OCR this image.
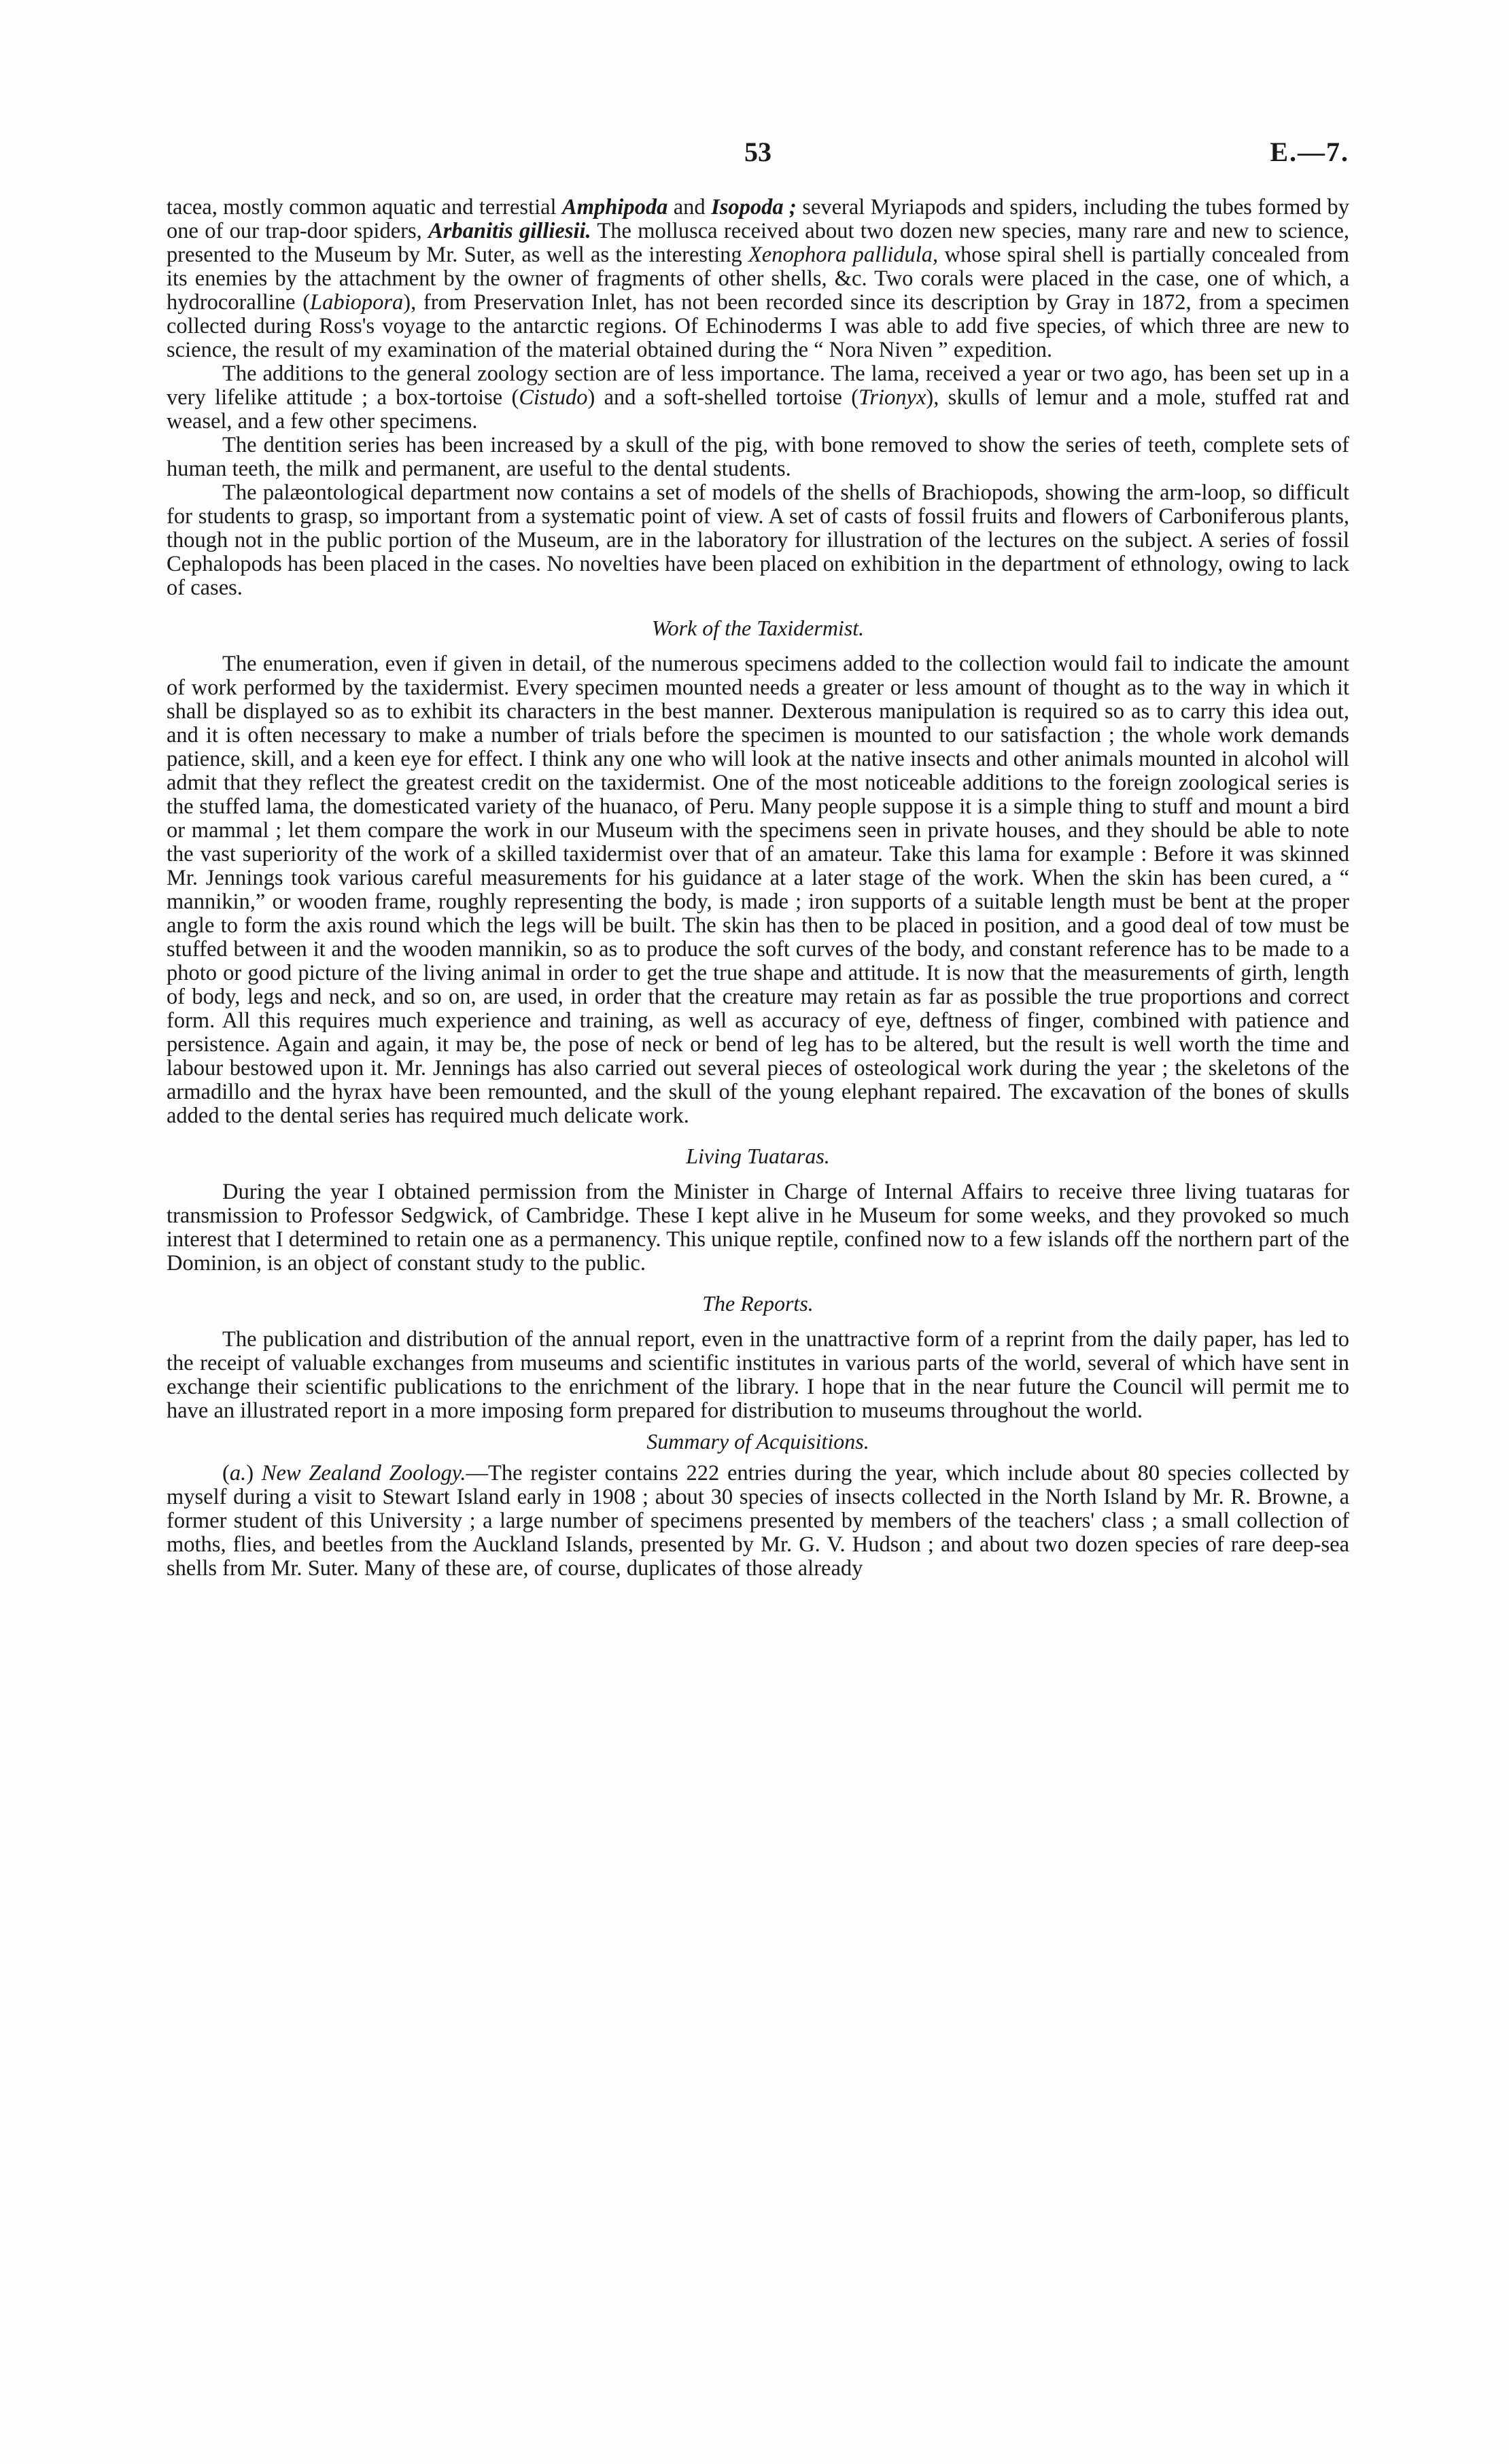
53	E.—7.

tacea, mostly common aquatic and terrestial Amphipoda and Isopoda ; several Myriapods and spiders, including the tubes formed by one of our trap-door spiders, Arbanitis gilliesii. The mollusca received about two dozen new species, many rare and new to science, presented to the Museum by Mr. Suter, as well as the interesting Xenophora pallidula, whose spiral shell is partially concealed from its enemies by the attachment by the owner of fragments of other shells, &c. Two corals were placed in the case, one of which, a hydrocoralline (Labiopora), from Preservation Inlet, has not been recorded since its description by Gray in 1872, from a specimen collected during Ross's voyage to the antarctic regions. Of Echinoderms I was able to add five species, of which three are new to science, the result of my examination of the material obtained during the “ Nora Niven ” expedition.

The additions to the general zoology section are of less importance. The lama, received a year or two ago, has been set up in a very lifelike attitude ; a box-tortoise (Cistudo) and a soft-shelled tortoise (Trionyx), skulls of lemur and a mole, stuffed rat and weasel, and a few other specimens.

The dentition series has been increased by a skull of the pig, with bone removed to show the series of teeth, complete sets of human teeth, the milk and permanent, are useful to the dental students.

The palæontological department now contains a set of models of the shells of Brachiopods, showing the arm-loop, so difficult for students to grasp, so important from a systematic point of view. A set of casts of fossil fruits and flowers of Carboniferous plants, though not in the public portion of the Museum, are in the laboratory for illustration of the lectures on the subject. A series of fossil Cephalopods has been placed in the cases. No novelties have been placed on exhibition in the department of ethnology, owing to lack of cases.

Work of the Taxidermist.

The enumeration, even if given in detail, of the numerous specimens added to the collection would fail to indicate the amount of work performed by the taxidermist. Every specimen mounted needs a greater or less amount of thought as to the way in which it shall be displayed so as to exhibit its characters in the best manner. Dexterous manipulation is required so as to carry this idea out, and it is often necessary to make a number of trials before the specimen is mounted to our satisfaction ; the whole work demands patience, skill, and a keen eye for effect. I think any one who will look at the native insects and other animals mounted in alcohol will admit that they reflect the greatest credit on the taxidermist. One of the most noticeable additions to the foreign zoological series is the stuffed lama, the domesticated variety of the huanaco, of Peru. Many people suppose it is a simple thing to stuff and mount a bird or mammal ; let them compare the work in our Museum with the specimens seen in private houses, and they should be able to note the vast superiority of the work of a skilled taxidermist over that of an amateur. Take this lama for example : Before it was skinned Mr. Jennings took various careful measurements for his guidance at a later stage of the work. When the skin has been cured, a “ mannikin,” or wooden frame, roughly representing the body, is made ; iron supports of a suitable length must be bent at the proper angle to form the axis round which the legs will be built. The skin has then to be placed in position, and a good deal of tow must be stuffed between it and the wooden mannikin, so as to produce the soft curves of the body, and constant reference has to be made to a photo or good picture of the living animal in order to get the true shape and attitude. It is now that the measurements of girth, length of body, legs and neck, and so on, are used, in order that the creature may retain as far as possible the true proportions and correct form. All this requires much experience and training, as well as accuracy of eye, deftness of finger, combined with patience and persistence. Again and again, it may be, the pose of neck or bend of leg has to be altered, but the result is well worth the time and labour bestowed upon it. Mr. Jennings has also carried out several pieces of osteological work during the year ; the skeletons of the armadillo and the hyrax have been remounted, and the skull of the young elephant repaired. The excavation of the bones of skulls added to the dental series has required much delicate work.

Living Tuataras.

During the year I obtained permission from the Minister in Charge of Internal Affairs to receive three living tuataras for transmission to Professor Sedgwick, of Cambridge. These I kept alive in he Museum for some weeks, and they provoked so much interest that I determined to retain one as a permanency. This unique reptile, confined now to a few islands off the northern part of the Dominion, is an object of constant study to the public.

The Reports.

The publication and distribution of the annual report, even in the unattractive form of a reprint from the daily paper, has led to the receipt of valuable exchanges from museums and scientific institutes in various parts of the world, several of which have sent in exchange their scientific publications to the enrichment of the library. I hope that in the near future the Council will permit me to have an illustrated report in a more imposing form prepared for distribution to museums throughout the world.

Summary of Acquisitions.

(a.) New Zealand Zoology.—The register contains 222 entries during the year, which include about 80 species collected by myself during a visit to Stewart Island early in 1908 ; about 30 species of insects collected in the North Island by Mr. R. Browne, a former student of this University ; a large number of specimens presented by members of the teachers' class ; a small collection of moths, flies, and beetles from the Auckland Islands, presented by Mr. G. V. Hudson ; and about two dozen species of rare deep-sea shells from Mr. Suter. Many of these are, of course, duplicates of those already
